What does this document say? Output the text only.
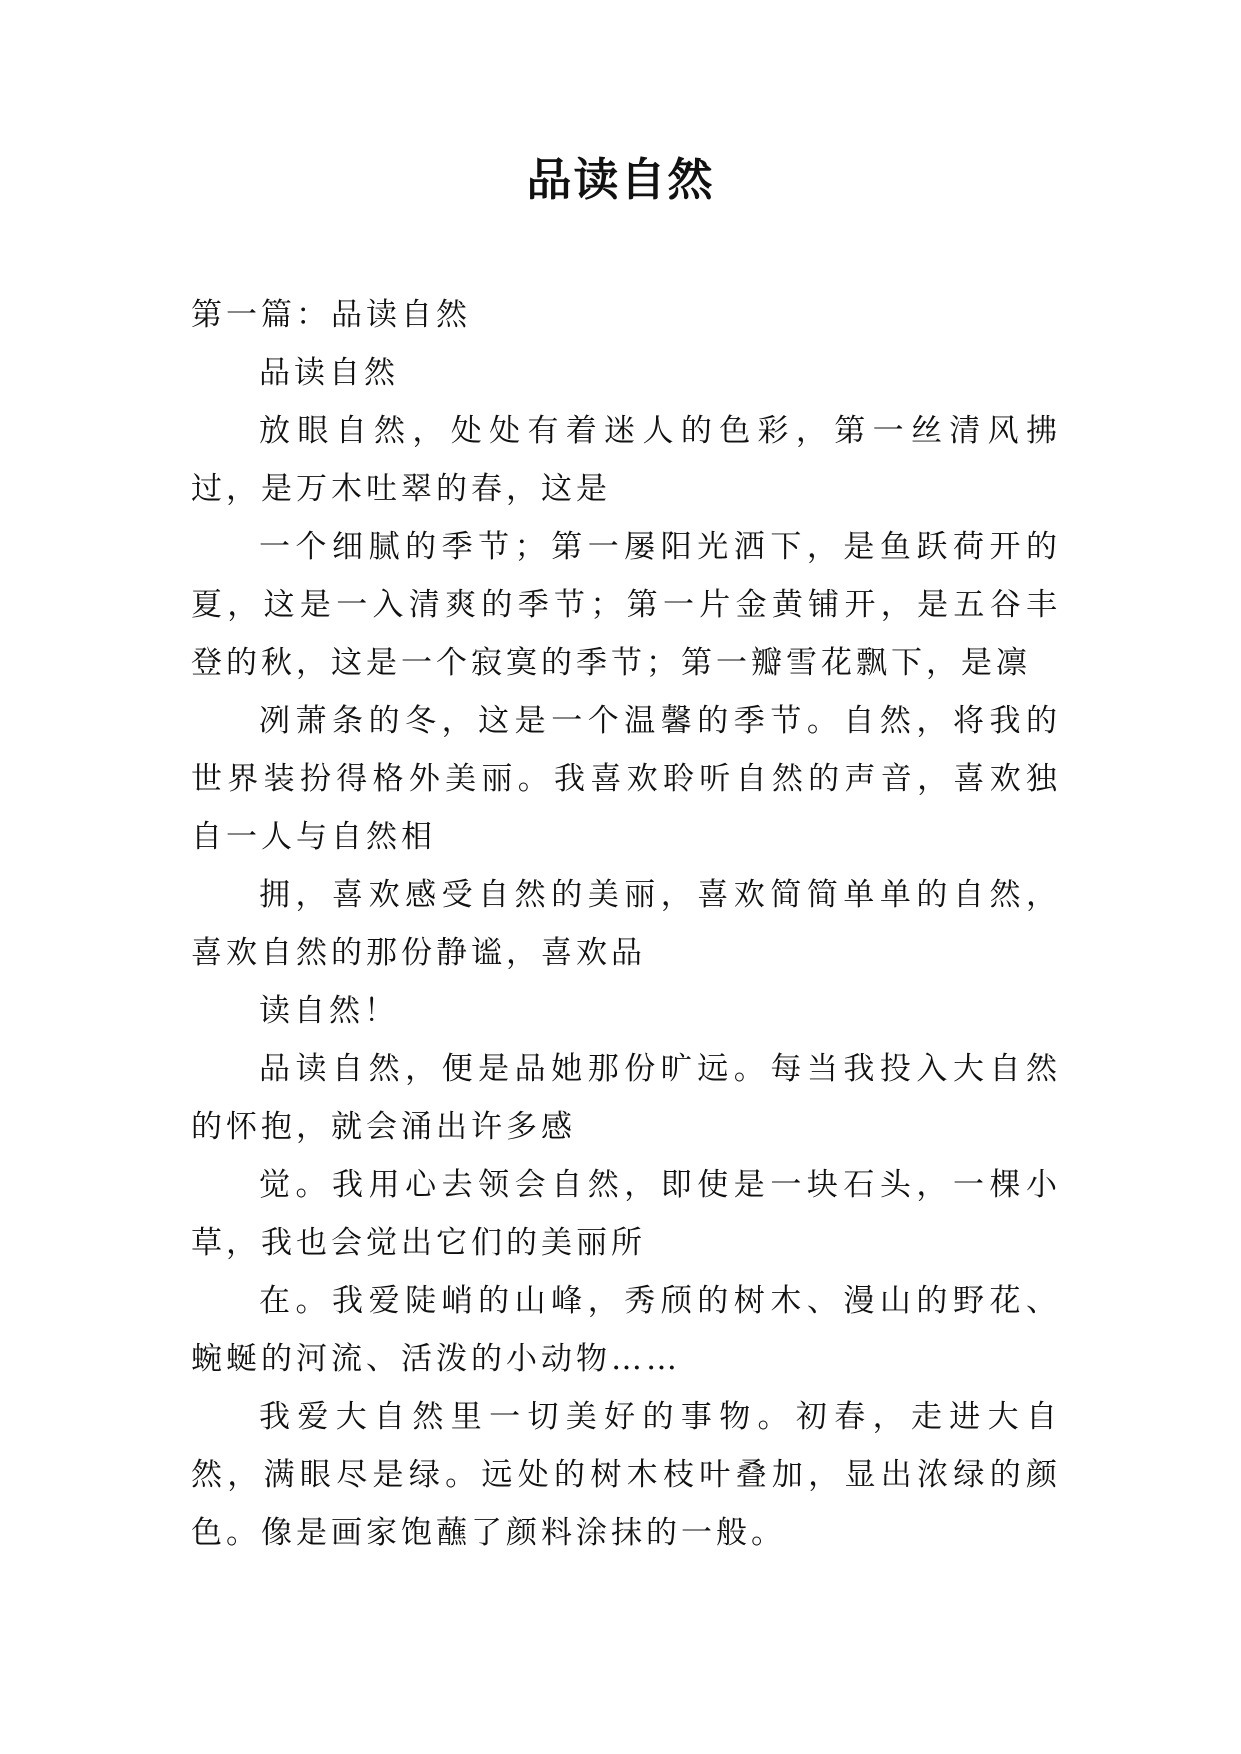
品读自然

第一篇：品读自然

品读自然

放眼自然，处处有着迷人的色彩，第一丝清风拂过，是万木吐翠的春，这是

一个细腻的季节；第一屡阳光洒下，是鱼跃荷开的夏，这是一入清爽的季节；第一片金黄铺开，是五谷丰登的秋，这是一个寂寞的季节；第一瓣雪花飘下，是凛

冽萧条的冬，这是一个温馨的季节。自然，将我的世界装扮得格外美丽。我喜欢聆听自然的声音，喜欢独自一人与自然相

拥，喜欢感受自然的美丽，喜欢简简单单的自然，喜欢自然的那份静谧，喜欢品

读自然！

品读自然，便是品她那份旷远。每当我投入大自然的怀抱，就会涌出许多感

觉。我用心去领会自然，即使是一块石头，一棵小草，我也会觉出它们的美丽所

在。我爱陡峭的山峰，秀颀的树木、漫山的野花、蜿蜒的河流、活泼的小动物……

我爱大自然里一切美好的事物。初春，走进大自然，满眼尽是绿。远处的树木枝叶叠加，显出浓绿的颜色。像是画家饱蘸了颜料涂抹的一般。
